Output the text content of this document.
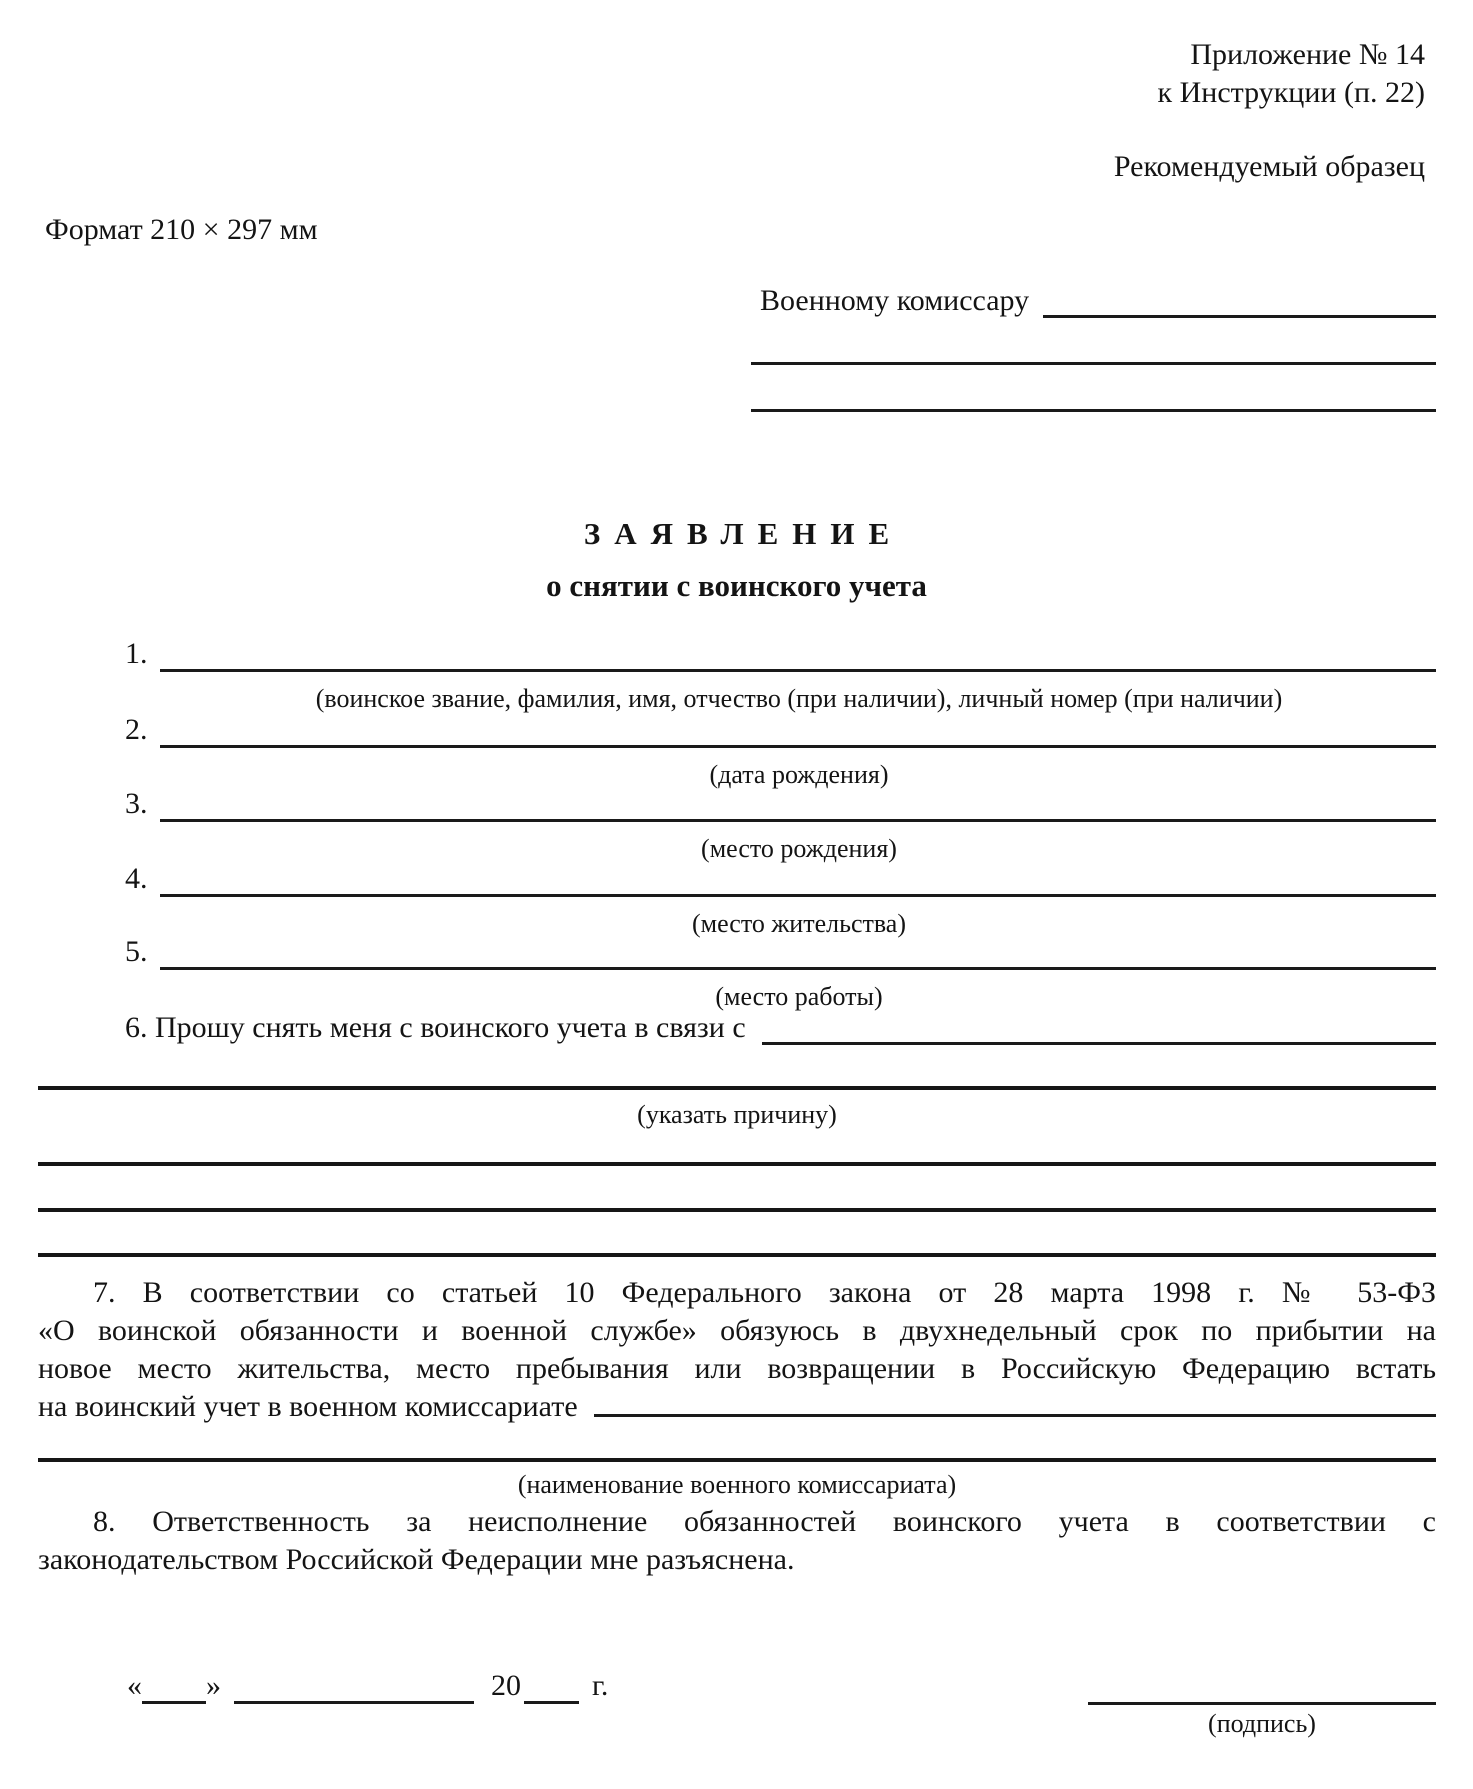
Приложение № 14
к Инструкции (п. 22)
Рекомендуемый образец
Формат 210 × 297 мм
Военному комиссару
ЗАЯВЛЕНИЕ
о снятии с воинского учета
1.
(воинское звание, фамилия, имя, отчество (при наличии), личный номер (при наличии)
2.
(дата рождения)
3.
(место рождения)
4.
(место жительства)
5.
(место работы)
6. Прошу снять меня с воинского учета в связи с
(указать причину)
7. В соответствии со статьей 10 Федерального закона от 28 марта 1998 г. № 53-ФЗ
«О воинской обязанности и военной службе» обязуюсь в двухнедельный срок по прибытии на
новое место жительства, место пребывания или возвращении в Российскую Федерацию встать
на воинский учет в военном комиссариате
(наименование военного комиссариата)
8. Ответственность за неисполнение обязанностей воинского учета в соответствии с
законодательством Российской Федерации мне разъяснена.
« »	20 г.
(подпись)
